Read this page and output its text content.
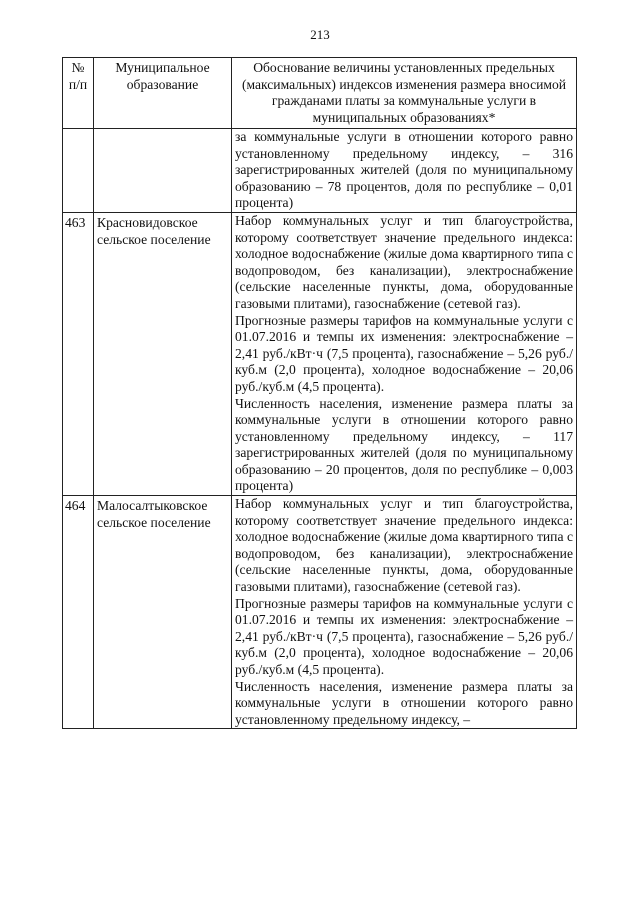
213
№
п/п	Муниципальное образование	Обоснование величины установленных предельных (максимальных) индексов изменения размера вносимой гражданами платы за коммунальные услуги в муниципальных образованиях*

		за коммунальные услуги в отношении которого равно установленному предельному индексу, – 316 зарегистрированных жителей (доля по муниципальному образованию – 78 процентов, доля по республике – 0,01 процента)

463	Красновидовское сельское поселение	Набор коммунальных услуг и тип благоустройства, которому соответствует значение предельного индекса: холодное водоснабжение (жилые дома квартирного типа с водопроводом, без канализации), электроснабжение (сельские населенные пункты, дома, оборудованные газовыми плитами), газоснабжение (сетевой газ).

Прогнозные размеры тарифов на коммунальные услуги с 01.07.2016 и темпы их изменения: электроснабжение – 2,41 руб./кВт·ч (7,5 процента), газоснабжение – 5,26 руб./куб.м (2,0 процента), холодное водоснабжение – 20,06 руб./куб.м (4,5 процента).

Численность населения, изменение размера платы за коммунальные услуги в отношении которого равно установленному предельному индексу, – 117 зарегистрированных жителей (доля по муниципальному образованию – 20 процентов, доля по республике – 0,003 процента)

464	Малосалтыковское сельское поселение	Набор коммунальных услуг и тип благоустройства, которому соответствует значение предельного индекса: холодное водоснабжение (жилые дома квартирного типа с водопроводом, без канализации), электроснабжение (сельские населенные пункты, дома, оборудованные газовыми плитами), газоснабжение (сетевой газ).

Прогнозные размеры тарифов на коммунальные услуги с 01.07.2016 и темпы их изменения: электроснабжение – 2,41 руб./кВт·ч (7,5 процента), газоснабжение – 5,26 руб./куб.м (2,0 процента), холодное водоснабжение – 20,06 руб./куб.м (4,5 процента).

Численность населения, изменение размера платы за коммунальные услуги в отношении которого равно установленному предельному индексу, –
